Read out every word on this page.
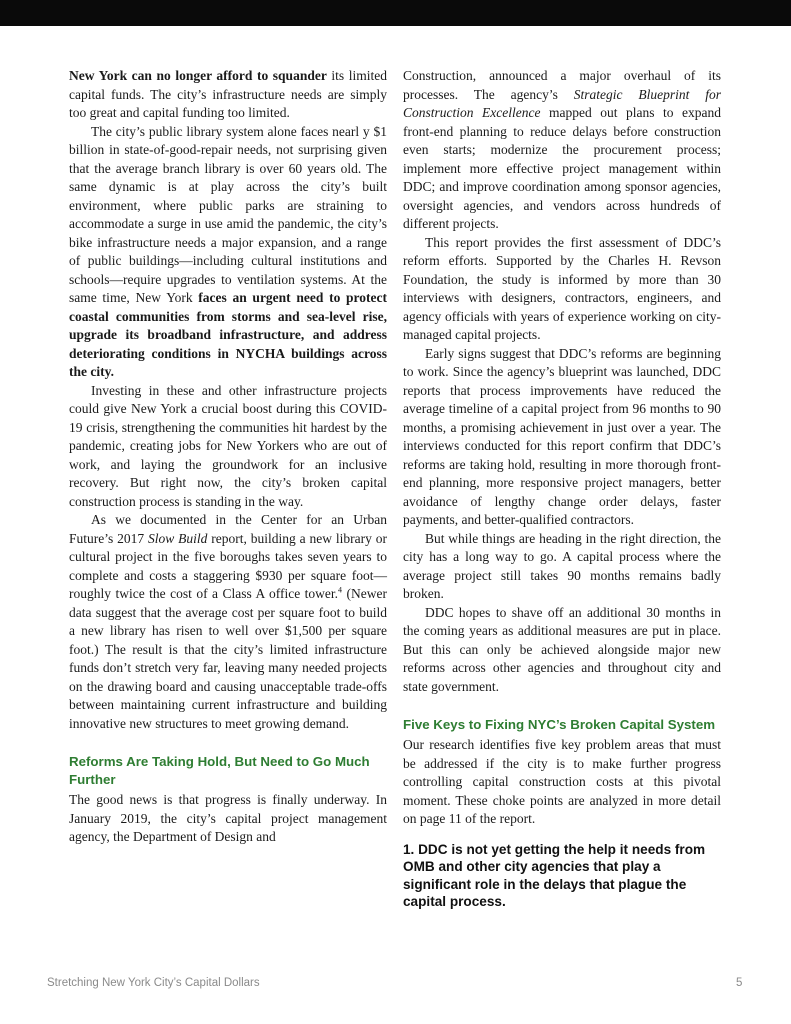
New York can no longer afford to squander its limited capital funds. The city’s infrastructure needs are simply too great and capital funding too limited.

The city’s public library system alone faces nearl y $1 billion in state-of-good-repair needs, not surprising given that the average branch library is over 60 years old. The same dynamic is at play across the city’s built environment, where public parks are straining to accommodate a surge in use amid the pandemic, the city’s bike infrastructure needs a major expansion, and a range of public buildings—including cultural institutions and schools—require upgrades to ventilation systems. At the same time, New York faces an urgent need to protect coastal communities from storms and sea-level rise, upgrade its broadband infrastructure, and address deteriorating conditions in NYCHA buildings across the city.

Investing in these and other infrastructure projects could give New York a crucial boost during this COVID-19 crisis, strengthening the communities hit hardest by the pandemic, creating jobs for New Yorkers who are out of work, and laying the groundwork for an inclusive recovery. But right now, the city’s broken capital construction process is standing in the way.

As we documented in the Center for an Urban Future’s 2017 Slow Build report, building a new library or cultural project in the five boroughs takes seven years to complete and costs a staggering $930 per square foot—roughly twice the cost of a Class A office tower.$^4$ (Newer data suggest that the average cost per square foot to build a new library has risen to well over $1,500 per square foot.) The result is that the city’s limited infrastructure funds don’t stretch very far, leaving many needed projects on the drawing board and causing unacceptable trade-offs between maintaining current infrastructure and building innovative new structures to meet growing demand.

Reforms Are Taking Hold, But Need to Go Much Further

The good news is that progress is finally underway. In January 2019, the city’s capital project management agency, the Department of Design and

Construction, announced a major overhaul of its processes. The agency’s Strategic Blueprint for Construction Excellence mapped out plans to expand front-end planning to reduce delays before construction even starts; modernize the procurement process; implement more effective project management within DDC; and improve coordination among sponsor agencies, oversight agencies, and vendors across hundreds of different projects.

This report provides the first assessment of DDC’s reform efforts. Supported by the Charles H. Revson Foundation, the study is informed by more than 30 interviews with designers, contractors, engineers, and agency officials with years of experience working on city-managed capital projects.

Early signs suggest that DDC’s reforms are beginning to work. Since the agency’s blueprint was launched, DDC reports that process improvements have reduced the average timeline of a capital project from 96 months to 90 months, a promising achievement in just over a year. The interviews conducted for this report confirm that DDC’s reforms are taking hold, resulting in more thorough front-end planning, more responsive project managers, better avoidance of lengthy change order delays, faster payments, and better-qualified contractors.

But while things are heading in the right direction, the city has a long way to go. A capital process where the average project still takes 90 months remains badly broken.

DDC hopes to shave off an additional 30 months in the coming years as additional measures are put in place. But this can only be achieved alongside major new reforms across other agencies and throughout city and state government.

Five Keys to Fixing NYC’s Broken Capital System

Our research identifies five key problem areas that must be addressed if the city is to make further progress controlling capital construction costs at this pivotal moment. These choke points are analyzed in more detail on page 11 of the report.

1. DDC is not yet getting the help it needs from OMB and other city agencies that play a significant role in the delays that plague the capital process.
Stretching New York City’s Capital Dollars	5
